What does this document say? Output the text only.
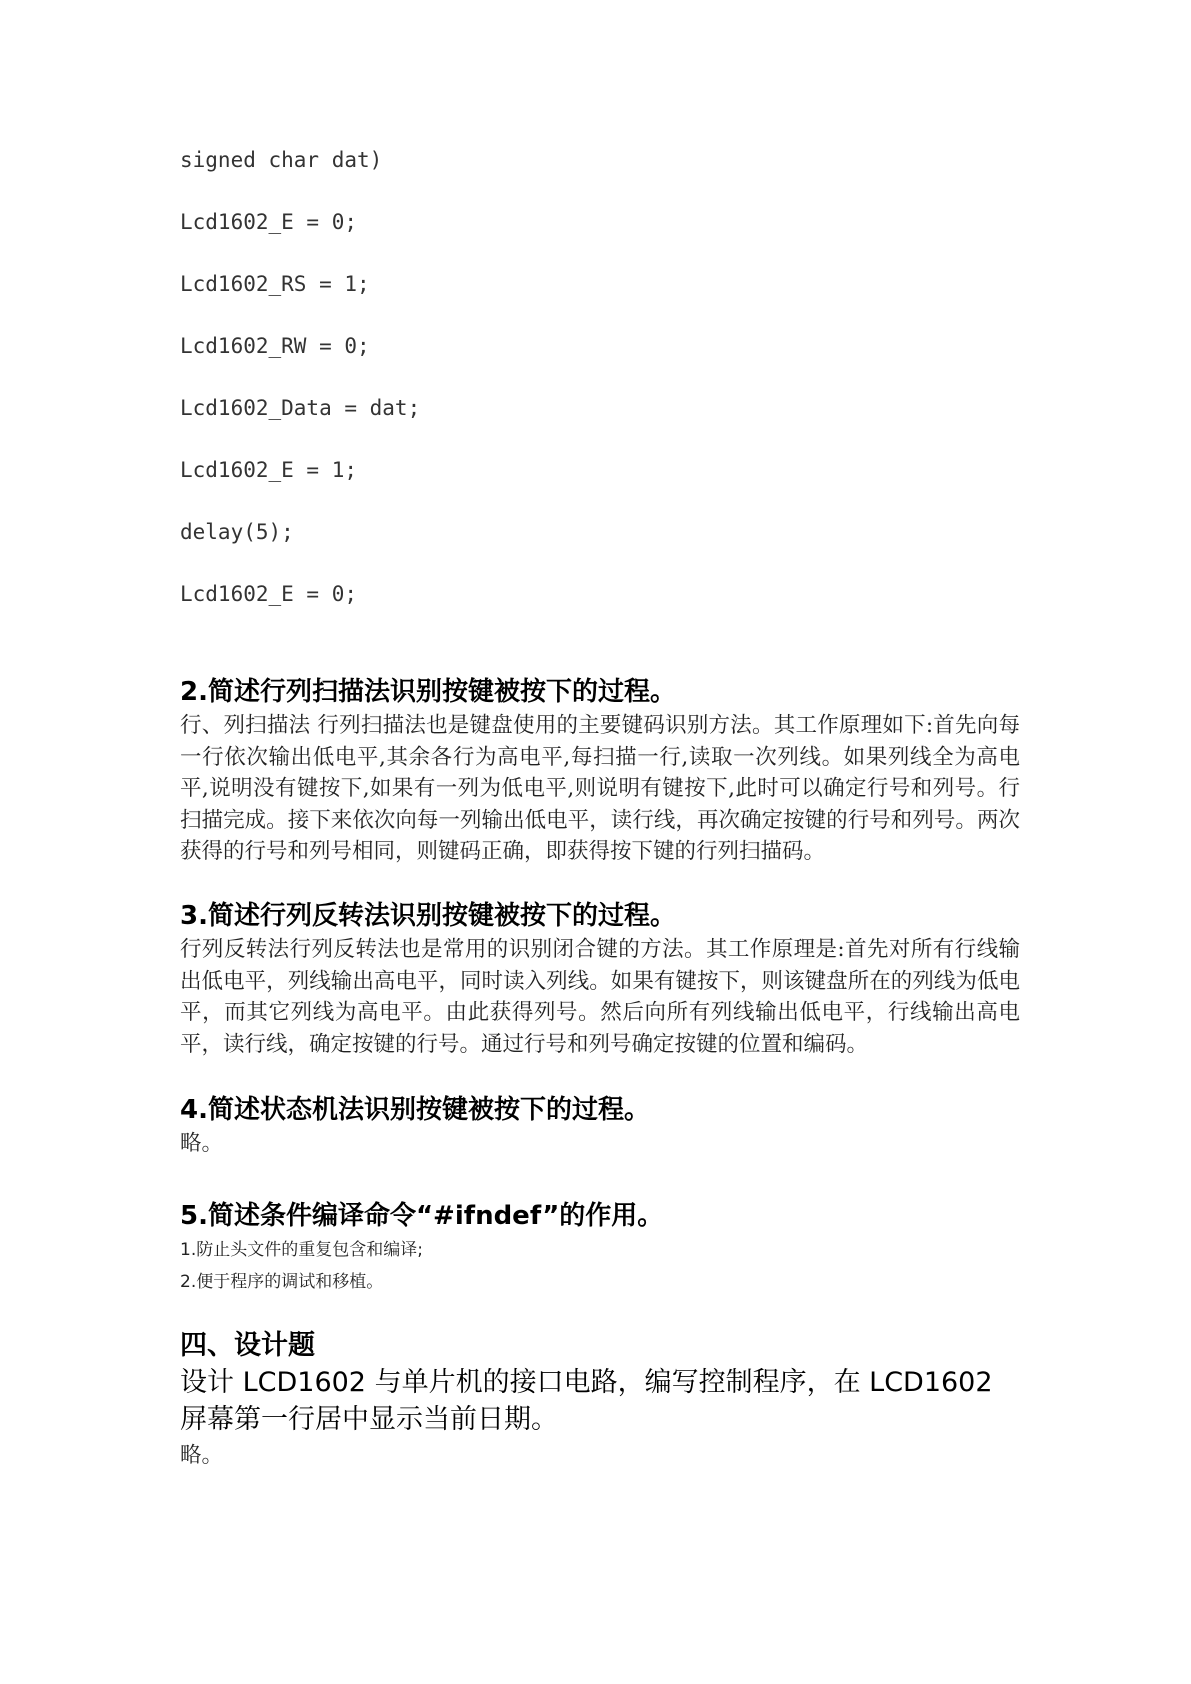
signed char dat)
Lcd1602_E = 0;
Lcd1602_RS = 1;
Lcd1602_RW = 0;
Lcd1602_Data = dat;
Lcd1602_E = 1;
delay(5);
Lcd1602_E = 0;
2.简述行列扫描法识别按键被按下的过程。

行、列扫描法 行列扫描法也是键盘使用的主要键码识别方法。其工作原理如下:首先向每一行依次输出低电平,其余各行为高电平,每扫描一行,读取一次列线。如果列线全为高电平,说明没有键按下,如果有一列为低电平,则说明有键按下,此时可以确定行号和列号。行扫描完成。接下来依次向每一列输出低电平，读行线，再次确定按键的行号和列号。两次获得的行号和列号相同，则键码正确，即获得按下键的行列扫描码。

3.简述行列反转法识别按键被按下的过程。

行列反转法行列反转法也是常用的识别闭合键的方法。其工作原理是:首先对所有行线输出低电平，列线输出高电平，同时读入列线。如果有键按下，则该键盘所在的列线为低电平，而其它列线为高电平。由此获得列号。然后向所有列线输出低电平，行线输出高电平，读行线，确定按键的行号。通过行号和列号确定按键的位置和编码。

4.简述状态机法识别按键被按下的过程。

略。

5.简述条件编译命令“#ifndef”的作用。

1.防止头文件的重复包含和编译;

2.便于程序的调试和移植。

四、设计题

设计 LCD1602 与单片机的接口电路，编写控制程序，在 LCD1602 屏幕第一行居中显示当前日期。

略。
